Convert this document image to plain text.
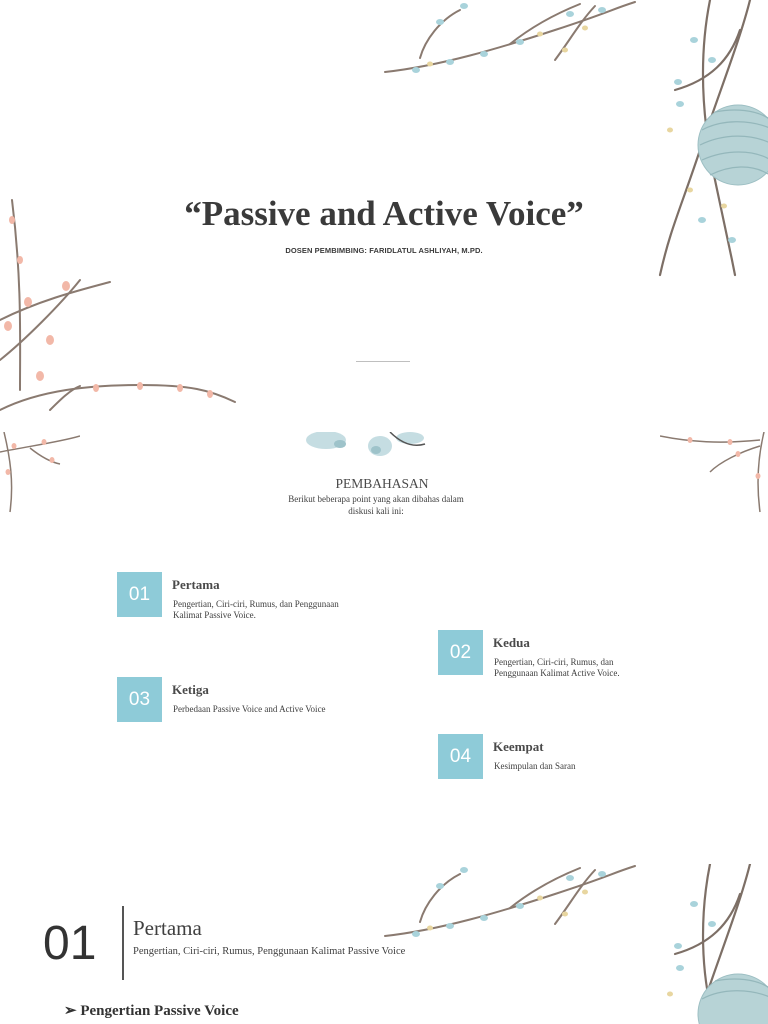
“Passive and Active Voice”
DOSEN PEMBIMBING: FARIDLATUL ASHLIYAH, M.PD.
PEMBAHASAN
Berikut beberapa point yang akan dibahas dalam diskusi kali ini:
01	Pertama
Pengertian, Ciri-ciri, Rumus, dan Penggunaan Kalimat Passive Voice.
02	Kedua
Pengertian, Ciri-ciri, Rumus, dan Penggunaan Kalimat Active Voice.
03	Ketiga
Perbedaan Passive Voice and Active Voice
04	Keempat
Kesimpulan dan Saran
01 Pertama
Pengertian, Ciri-ciri, Rumus, Penggunaan Kalimat Passive Voice
➢ Pengertian Passive Voice
